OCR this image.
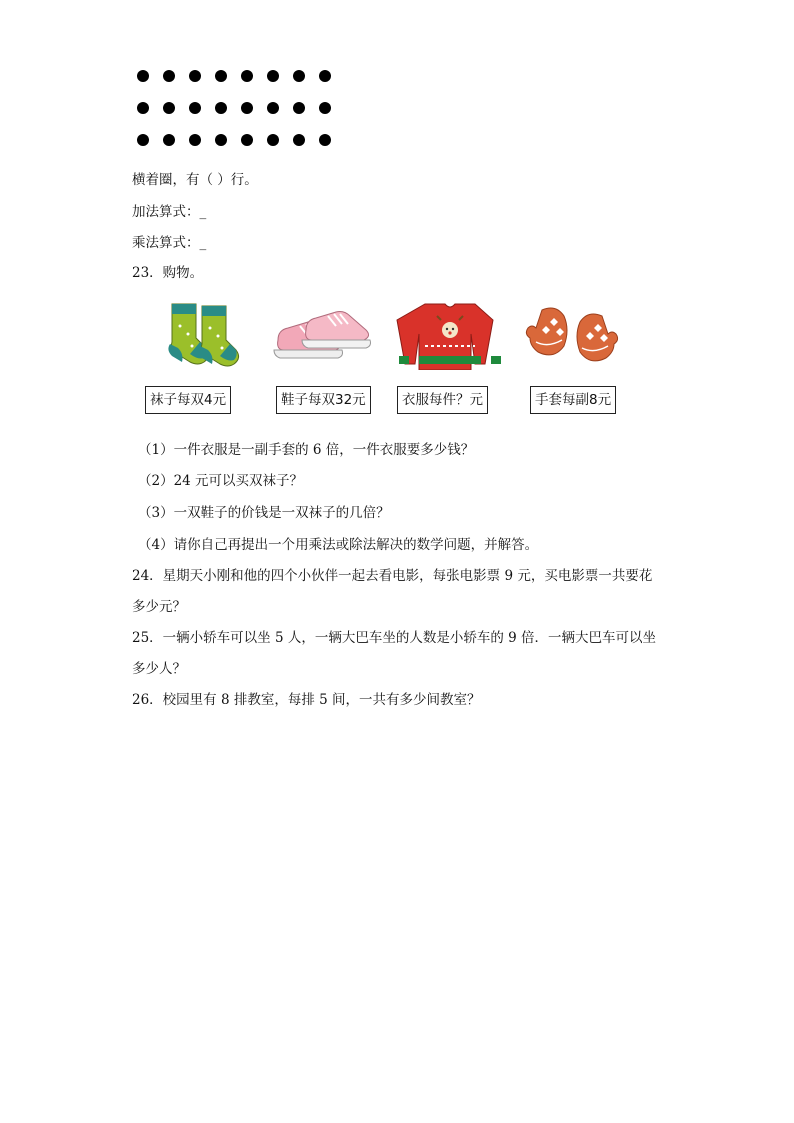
横着圈，有（ ）行。
加法算式：_
乘法算式：_
23．购物。
袜子每双4元	鞋子每双32元	衣服每件？元	手套每副8元
（1）一件衣服是一副手套的 6 倍，一件衣服要多少钱？
（2）24 元可以买双袜子？
（3）一双鞋子的价钱是一双袜子的几倍？
（4）请你自己再提出一个用乘法或除法解决的数学问题，并解答。
24．星期天小刚和他的四个小伙伴一起去看电影，每张电影票 9 元，买电影票一共要花
多少元？
25．一辆小轿车可以坐 5 人，一辆大巴车坐的人数是小轿车的 9 倍．一辆大巴车可以坐
多少人？
26．校园里有 8 排教室，每排 5 间，一共有多少间教室？
